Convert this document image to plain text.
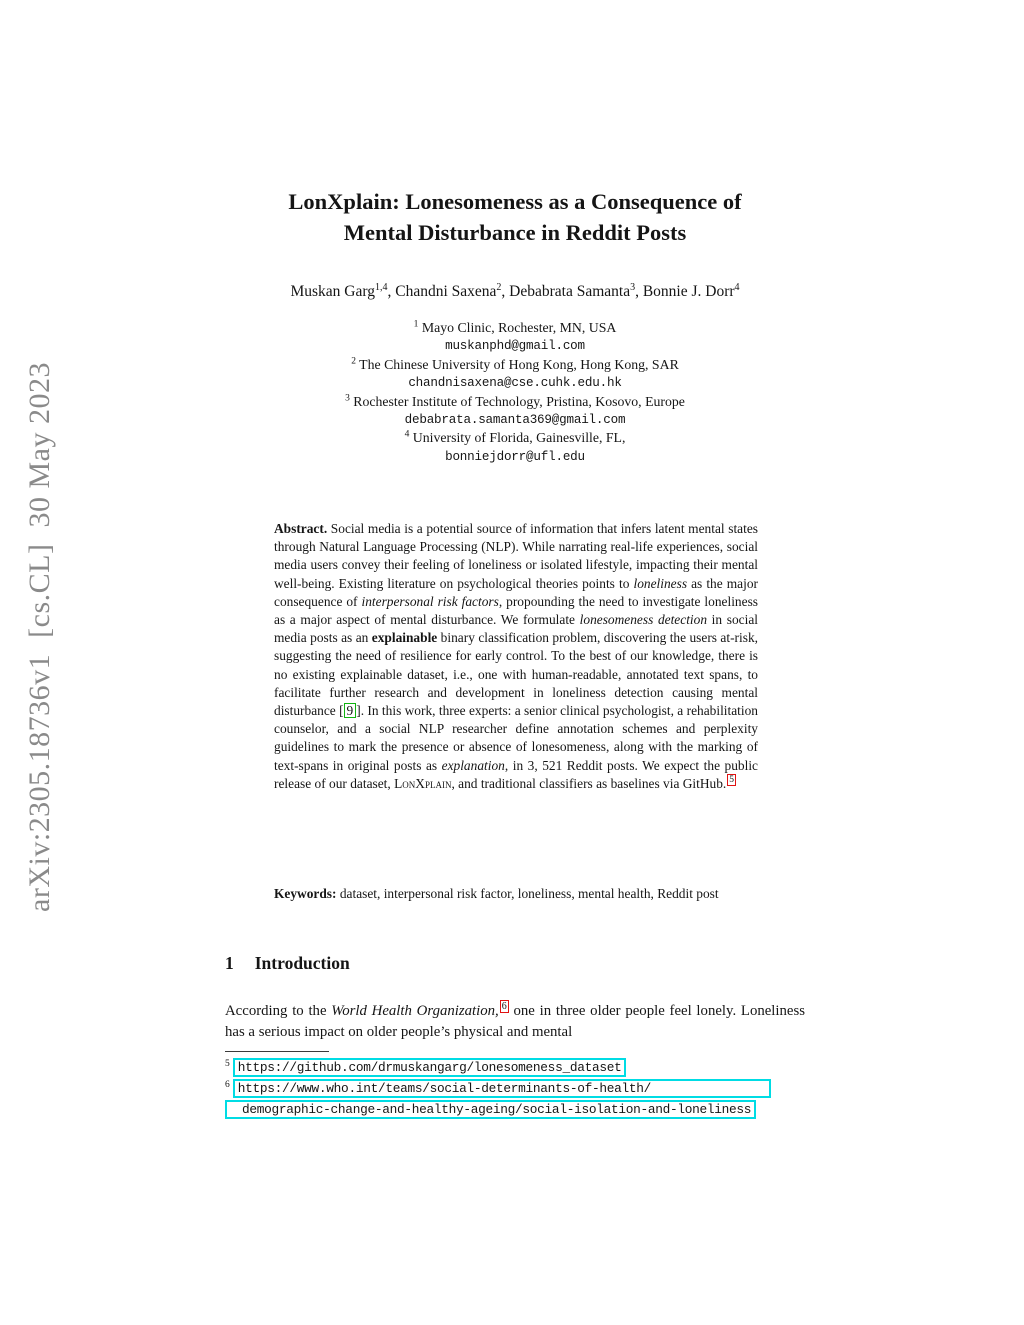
arXiv:2305.18736v1  [cs.CL]  30 May 2023
LonXplain: Lonesomeness as a Consequence of
Mental Disturbance in Reddit Posts
Muskan Garg$^{1,4}$, Chandni Saxena$^2$, Debabrata Samanta$^3$, Bonnie J. Dorr$^4$
$^1$ Mayo Clinic, Rochester, MN, USA
muskanphd@gmail.com
$^2$ The Chinese University of Hong Kong, Hong Kong, SAR
chandnisaxena@cse.cuhk.edu.hk
$^3$ Rochester Institute of Technology, Pristina, Kosovo, Europe
debabrata.samanta369@gmail.com
$^4$ University of Florida, Gainesville, FL,
bonniejdorr@ufl.edu
Abstract. Social media is a potential source of information that infers latent mental states through Natural Language Processing (NLP). While narrating real-life experiences, social media users convey their feeling of loneliness or isolated lifestyle, impacting their mental well-being. Existing literature on psychological theories points to loneliness as the major consequence of interpersonal risk factors, propounding the need to investigate loneliness as a major aspect of mental disturbance. We formulate lonesomeness detection in social media posts as an explainable binary classification problem, discovering the users at-risk, suggesting the need of resilience for early control. To the best of our knowledge, there is no existing explainable dataset, i.e., one with human-readable, annotated text spans, to facilitate further research and development in loneliness detection causing mental disturbance [ 9 ]. In this work, three experts: a senior clinical psychologist, a rehabilitation counselor, and a social NLP researcher define annotation schemes and perplexity guidelines to mark the presence or absence of lonesomeness, along with the marking of text-spans in original posts as explanation, in 3, 521 Reddit posts. We expect the public release of our dataset, LonXplain, and traditional classifiers as baselines via GitHub. $^5$
Keywords: dataset, interpersonal risk factor, loneliness, mental health, Reddit post
1 Introduction
According to the World Health Organization, $^6$ one in three older people feel lonely. Loneliness has a serious impact on older people’s physical and mental
$^5$ https://github.com/drmuskangarg/lonesomeness_dataset
$^6$ https://www.who.int/teams/social-determinants-of-health/
demographic-change-and-healthy-ageing/social-isolation-and-loneliness
